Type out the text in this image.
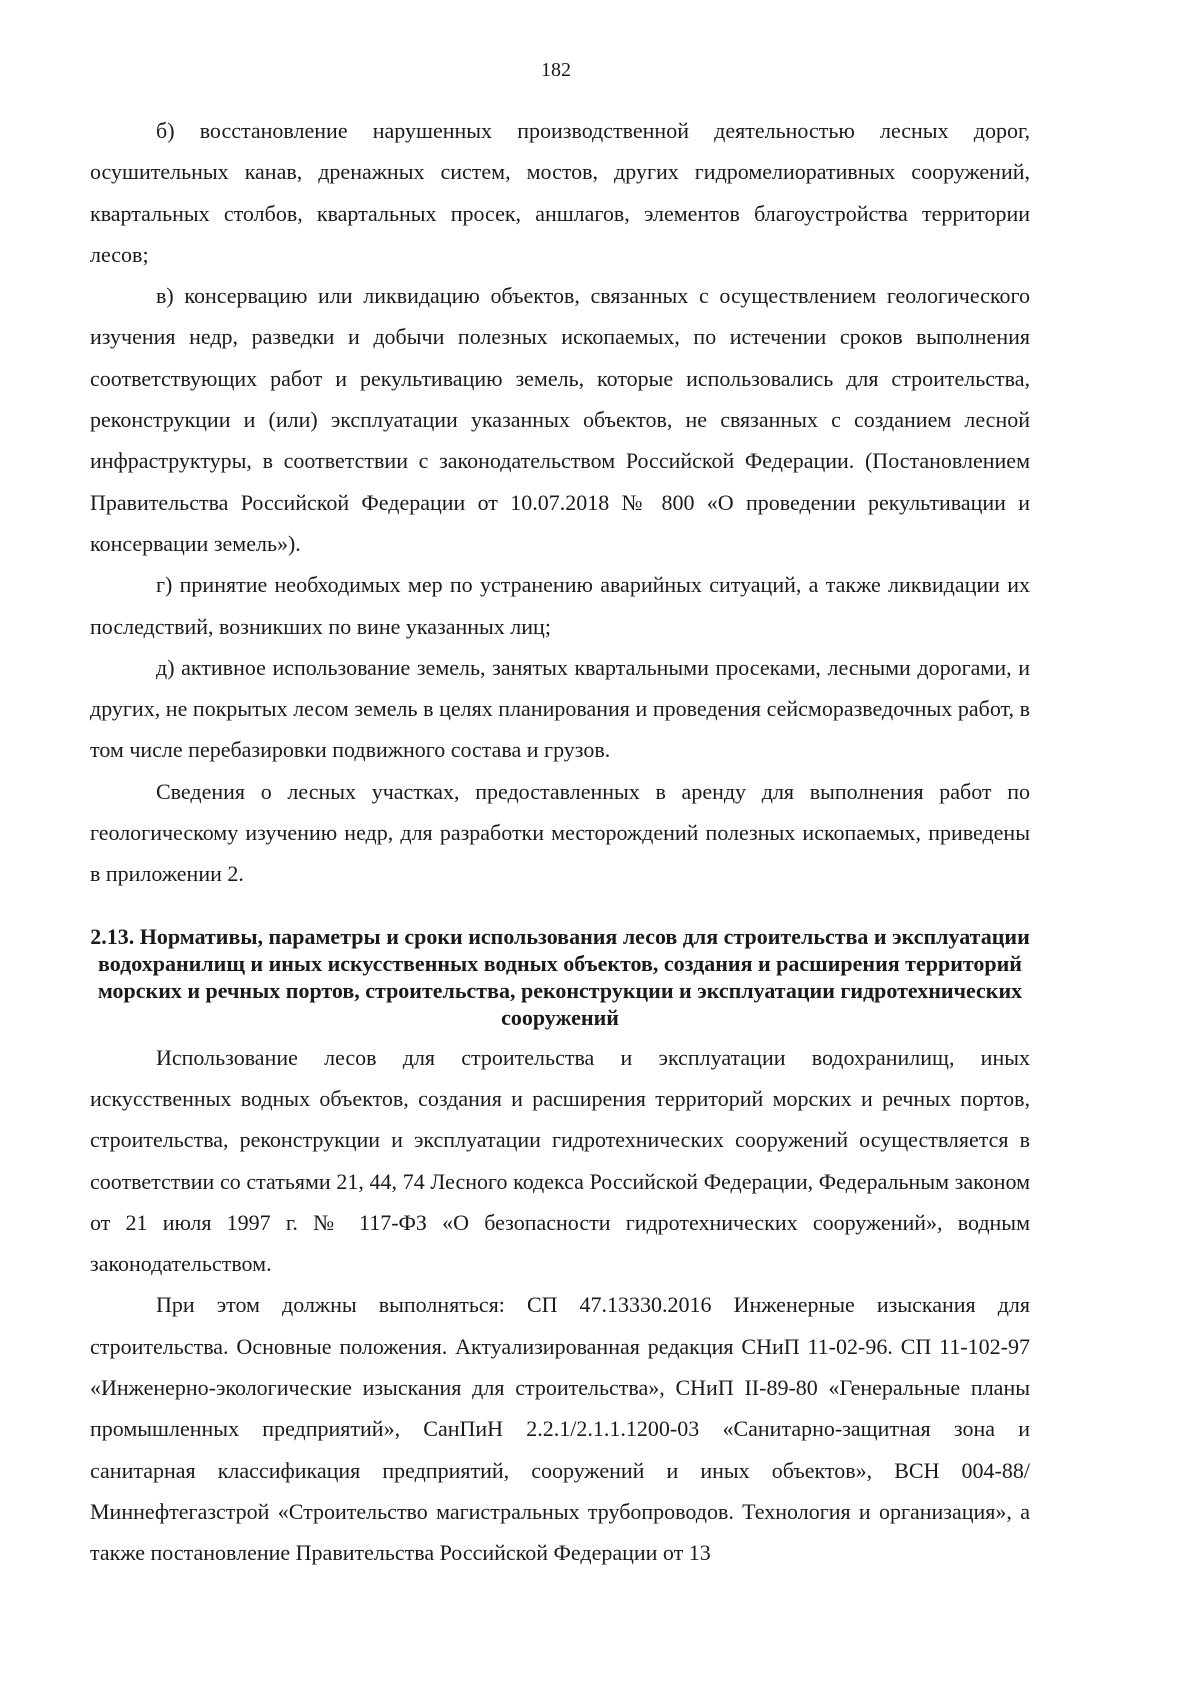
182

б) восстановление нарушенных производственной деятельностью лесных дорог, осушительных канав, дренажных систем, мостов, других гидромелиоративных сооружений, квартальных столбов, квартальных просек, аншлагов, элементов благоустройства территории лесов;

в) консервацию или ликвидацию объектов, связанных с осуществлением геологического изучения недр, разведки и добычи полезных ископаемых, по истечении сроков выполнения соответствующих работ и рекультивацию земель, которые использовались для строительства, реконструкции и (или) эксплуатации указанных объектов, не связанных с созданием лесной инфраструктуры, в соответствии с законодательством Российской Федерации. (Постановлением Правительства Российской Федерации от 10.07.2018 № 800 «О проведении рекультивации и консервации земель»).

г) принятие необходимых мер по устранению аварийных ситуаций, а также ликвидации их последствий, возникших по вине указанных лиц;

д) активное использование земель, занятых квартальными просеками, лесными дорогами, и других, не покрытых лесом земель в целях планирования и проведения сейсморазведочных работ, в том числе перебазировки подвижного состава и грузов.

Сведения о лесных участках, предоставленных в аренду для выполнения работ по геологическому изучению недр, для разработки месторождений полезных ископаемых, приведены в приложении 2.

2.13. Нормативы, параметры и сроки использования лесов для строительства и эксплуатации водохранилищ и иных искусственных водных объектов, создания и расширения территорий морских и речных портов, строительства, реконструкции и эксплуатации гидротехнических сооружений

Использование лесов для строительства и эксплуатации водохранилищ, иных искусственных водных объектов, создания и расширения территорий морских и речных портов, строительства, реконструкции и эксплуатации гидротехнических сооружений осуществляется в соответствии со статьями 21, 44, 74 Лесного кодекса Российской Федерации, Федеральным законом от 21 июля 1997 г. № 117-ФЗ «О безопасности гидротехнических сооружений», водным законодательством.

При этом должны выполняться: СП 47.13330.2016 Инженерные изыскания для строительства. Основные положения. Актуализированная редакция СНиП 11-02-96. СП 11-102-97 «Инженерно-экологические изыскания для строительства», СНиП II-89-80 «Генеральные планы промышленных предприятий», СанПиН 2.2.1/2.1.1.1200-03 «Санитарно-защитная зона и санитарная классификация предприятий, сооружений и иных объектов», ВСН 004-88/Миннефтегазстрой «Строительство магистральных трубопроводов. Технология и организация», а также постановление Правительства Российской Федерации от 13
